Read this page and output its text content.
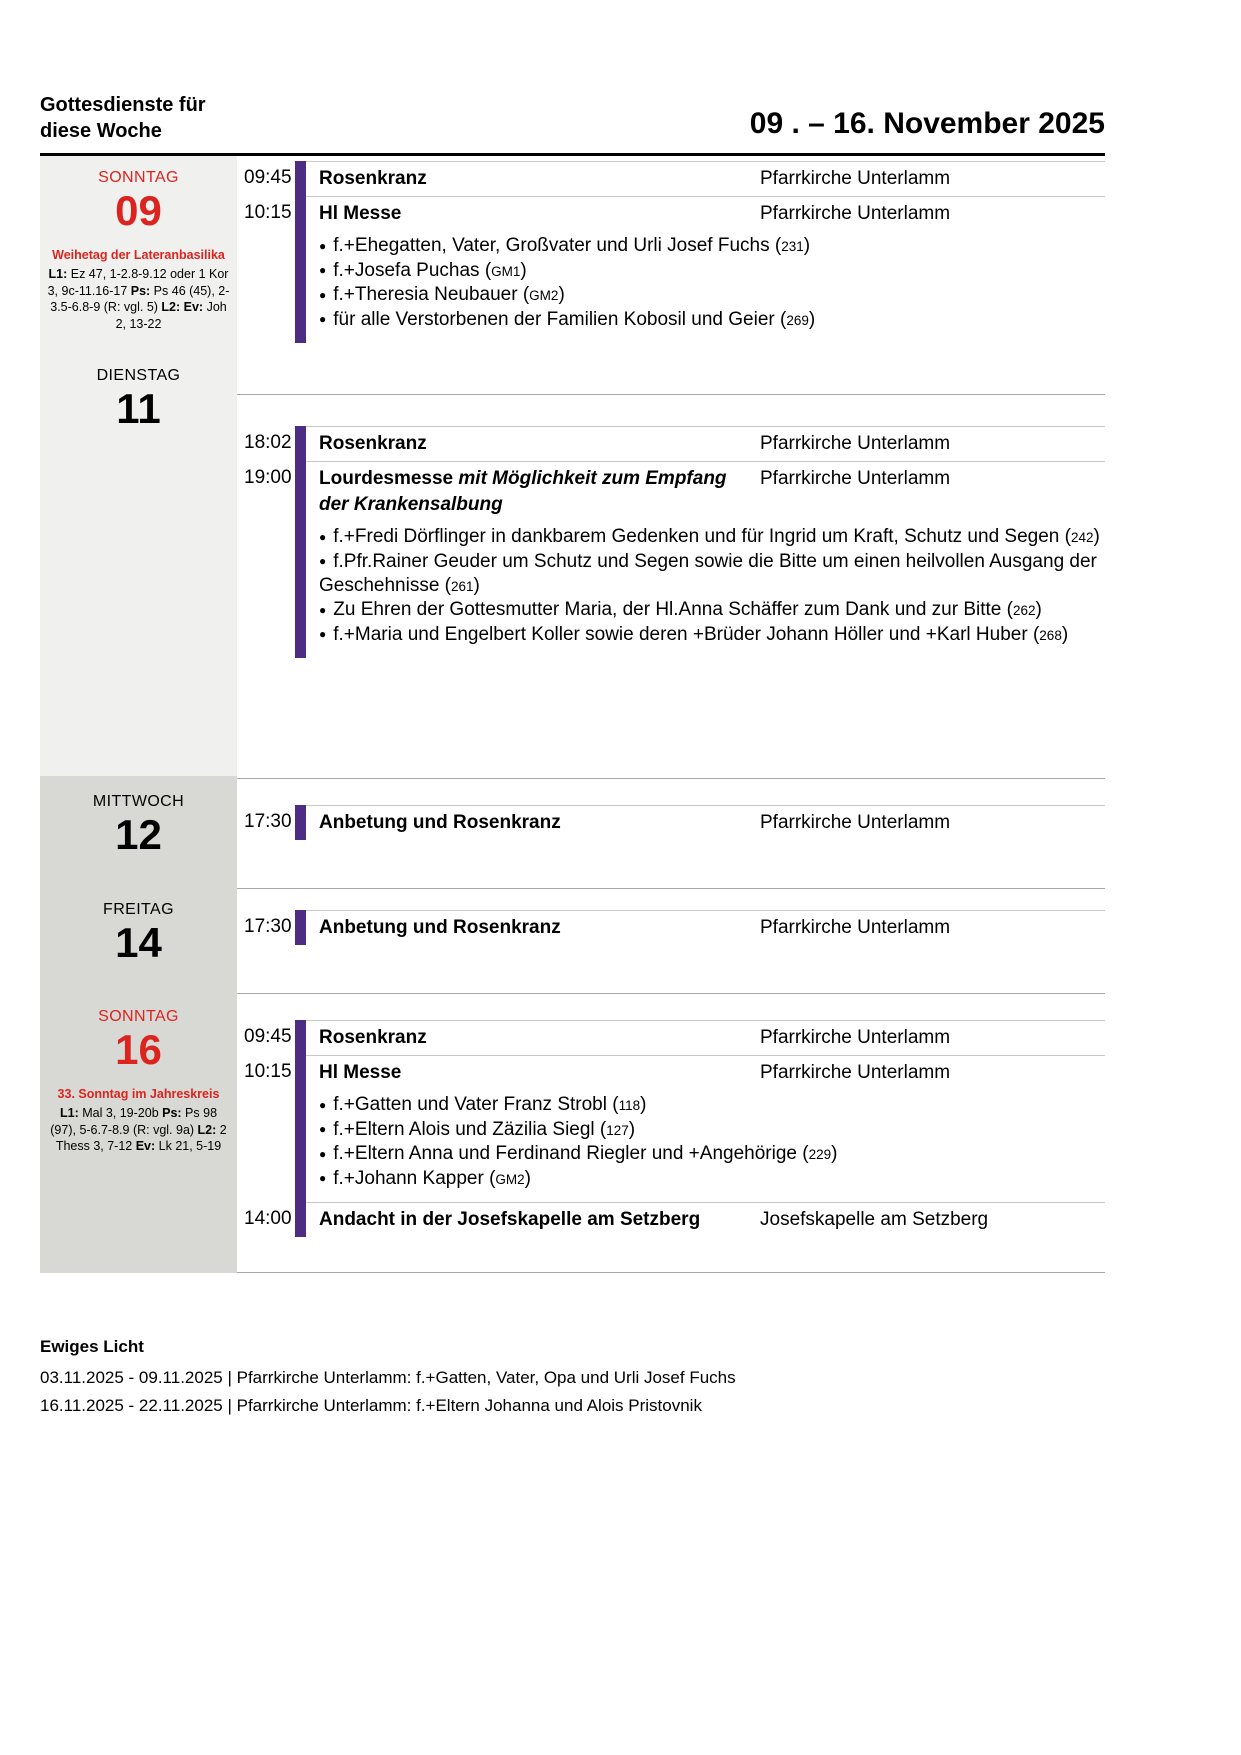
Gottesdienste für
diese Woche	09 . – 16. November 2025
SONNTAG
09
Weihetag der Lateranbasilika
L1: Ez 47, 1-2.8-9.12 oder 1 Kor 3, 9c-11.16-17 Ps: Ps 46 (45), 2-3.5-6.8-9 (R: vgl. 5) L2: Ev: Joh 2, 13-22
09:45 Rosenkranz	Pfarrkirche Unterlamm
10:15 Hl Messe	Pfarrkirche Unterlamm
● f.+Ehegatten, Vater, Großvater und Urli Josef Fuchs (231)
● f.+Josefa Puchas (GM1)
● f.+Theresia Neubauer (GM2)
● für alle Verstorbenen der Familien Kobosil und Geier (269)
DIENSTAG
11
18:02 Rosenkranz	Pfarrkirche Unterlamm
19:00 Lourdesmesse mit Möglichkeit zum Empfang der Krankensalbung
Pfarrkirche Unterlamm
● f.+Fredi Dörflinger in dankbarem Gedenken und für Ingrid um Kraft, Schutz und Segen (242)
● f.Pfr.Rainer Geuder um Schutz und Segen sowie die Bitte um einen heilvollen Ausgang der Geschehnisse (261)
● Zu Ehren der Gottesmutter Maria, der Hl.Anna Schäffer zum Dank und zur Bitte (262)
● f.+Maria und Engelbert Koller sowie deren +Brüder Johann Höller und +Karl Huber (268)
MITTWOCH
12	17:30 Anbetung und Rosenkranz	Pfarrkirche Unterlamm
FREITAG
14	17:30 Anbetung und Rosenkranz	Pfarrkirche Unterlamm
SONNTAG
16
33. Sonntag im Jahreskreis
L1: Mal 3, 19-20b Ps: Ps 98 (97), 5-6.7-8.9 (R: vgl. 9a) L2: 2 Thess 3, 7-12 Ev: Lk 21, 5-19
09:45 Rosenkranz	Pfarrkirche Unterlamm
10:15 Hl Messe	Pfarrkirche Unterlamm
● f.+Gatten und Vater Franz Strobl (118)
● f.+Eltern Alois und Zäzilia Siegl (127)
● f.+Eltern Anna und Ferdinand Riegler und +Angehörige (229)
● f.+Johann Kapper (GM2)
14:00 Andacht in der Josefskapelle am Setzberg	Josefskapelle am Setzberg
Ewiges Licht
03.11.2025 - 09.11.2025 | Pfarrkirche Unterlamm: f.+Gatten, Vater, Opa und Urli Josef Fuchs
16.11.2025 - 22.11.2025 | Pfarrkirche Unterlamm: f.+Eltern Johanna und Alois Pristovnik
